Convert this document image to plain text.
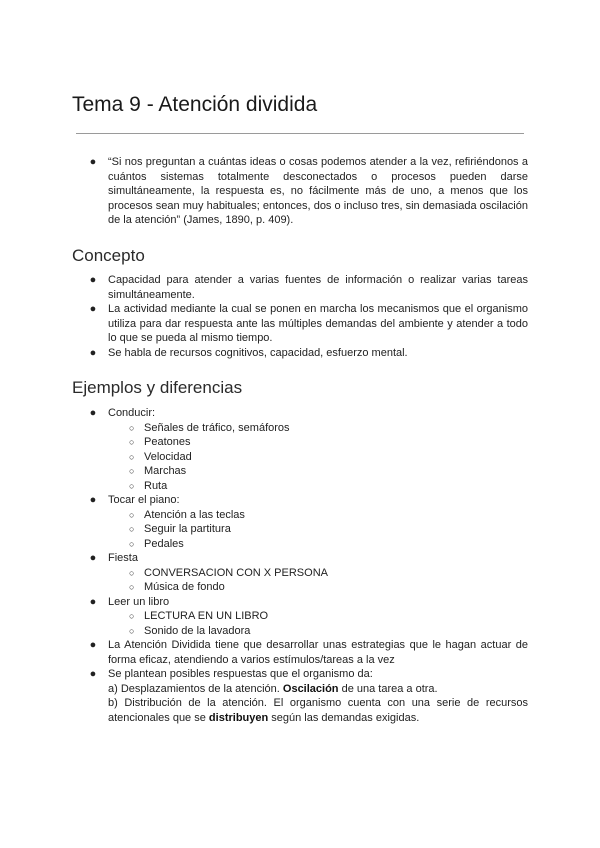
Tema 9 - Atención dividida
● “Si nos preguntan a cuántas ideas o cosas podemos atender a la vez, refiriéndonos a cuántos sistemas totalmente desconectados o procesos pueden darse simultáneamente, la respuesta es, no fácilmente más de uno, a menos que los procesos sean muy habituales; entonces, dos o incluso tres, sin demasiada oscilación de la atención” (James, 1890, p. 409).
Concepto
● Capacidad para atender a varias fuentes de información o realizar varias tareas simultáneamente.
● La actividad mediante la cual se ponen en marcha los mecanismos que el organismo utiliza para dar respuesta ante las múltiples demandas del ambiente y atender a todo lo que se pueda al mismo tiempo.
● Se habla de recursos cognitivos, capacidad, esfuerzo mental.
Ejemplos y diferencias
● Conducir:
○ Señales de tráfico, semáforos
○ Peatones
○ Velocidad
○ Marchas
○ Ruta
● Tocar el piano:
○ Atención a las teclas
○ Seguir la partitura
○ Pedales
● Fiesta
○ CONVERSACION CON X PERSONA
○ Música de fondo
● Leer un libro
○ LECTURA EN UN LIBRO
○ Sonido de la lavadora
● La Atención Dividida tiene que desarrollar unas estrategias que le hagan actuar de forma eficaz, atendiendo a varios estímulos/tareas a la vez
● Se plantean posibles respuestas que el organismo da:
a) Desplazamientos de la atención. Oscilación de una tarea a otra.
b) Distribución de la atención. El organismo cuenta con una serie de recursos atencionales que se distribuyen según las demandas exigidas.
